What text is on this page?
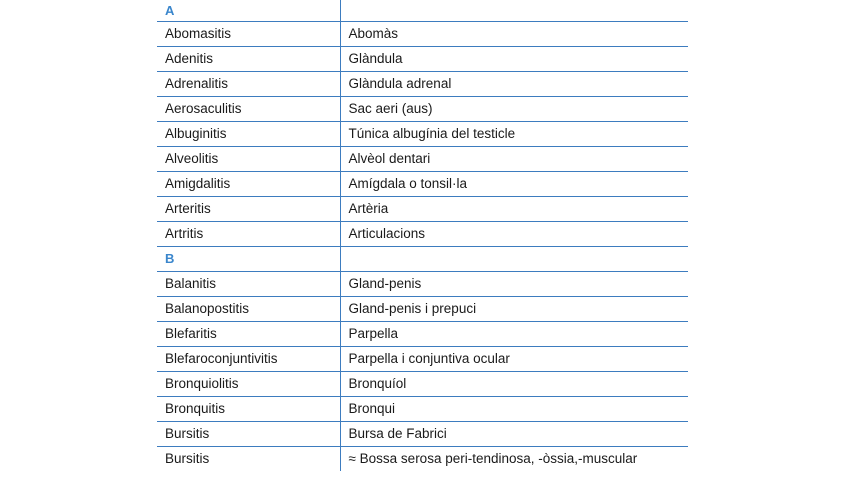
A	
Abomasitis	Abomàs
Adenitis	Glàndula
Adrenalitis	Glàndula adrenal
Aerosaculitis	Sac aeri (aus)
Albuginitis	Túnica albugínia del testicle
Alveolitis	Alvèol dentari
Amigdalitis	Amígdala o tonsil·la
Arteritis	Artèria
Artritis	Articulacions
B	
Balanitis	Gland-penis
Balanopostitis	Gland-penis i prepuci
Blefaritis	Parpella
Blefaroconjuntivitis	Parpella i conjuntiva ocular
Bronquiolitis	Bronquíol
Bronquitis	Bronqui
Bursitis	Bursa de Fabrici
Bursitis	≈ Bossa serosa peri-tendinosa, -òssia,-muscular
